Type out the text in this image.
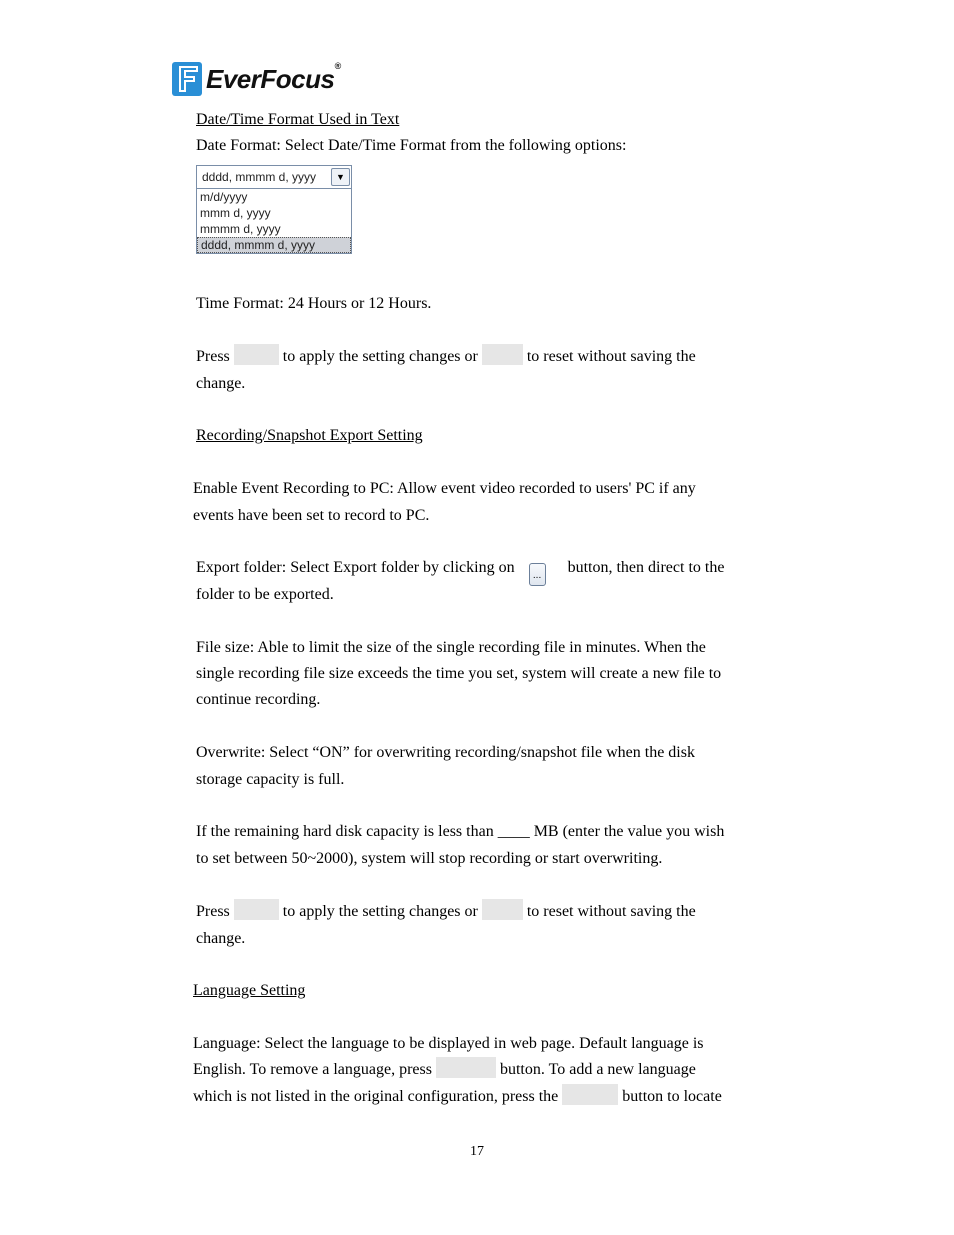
EverFocus®
Date/Time Format Used in Text
Date Format: Select Date/Time Format from the following options:
dddd, mmmm d, yyyy	▼
m/d/yyyy
mmm d, yyyy
mmmm d, yyyy
dddd, mmmm d, yyyy
Time Format: 24 Hours or 12 Hours.
Press	to apply the setting changes or	to reset without saving the
change.
Recording/Snapshot Export Setting
Enable Event Recording to PC: Allow event video recorded to users' PC if any
events have been set to record to PC.
Export folder: Select Export folder by clicking on ... button, then direct to the
folder to be exported.
File size: Able to limit the size of the single recording file in minutes. When the
single recording file size exceeds the time you set, system will create a new file to
continue recording.
Overwrite: Select “ON” for overwriting recording/snapshot file when the disk
storage capacity is full.
If the remaining hard disk capacity is less than ____ MB (enter the value you wish
to set between 50~2000), system will stop recording or start overwriting.
Press	to apply the setting changes or	to reset without saving the
change.
Language Setting
Language: Select the language to be displayed in web page. Default language is
English. To remove a language, press	button. To add a new language
which is not listed in the original configuration, press the	button to locate
17
